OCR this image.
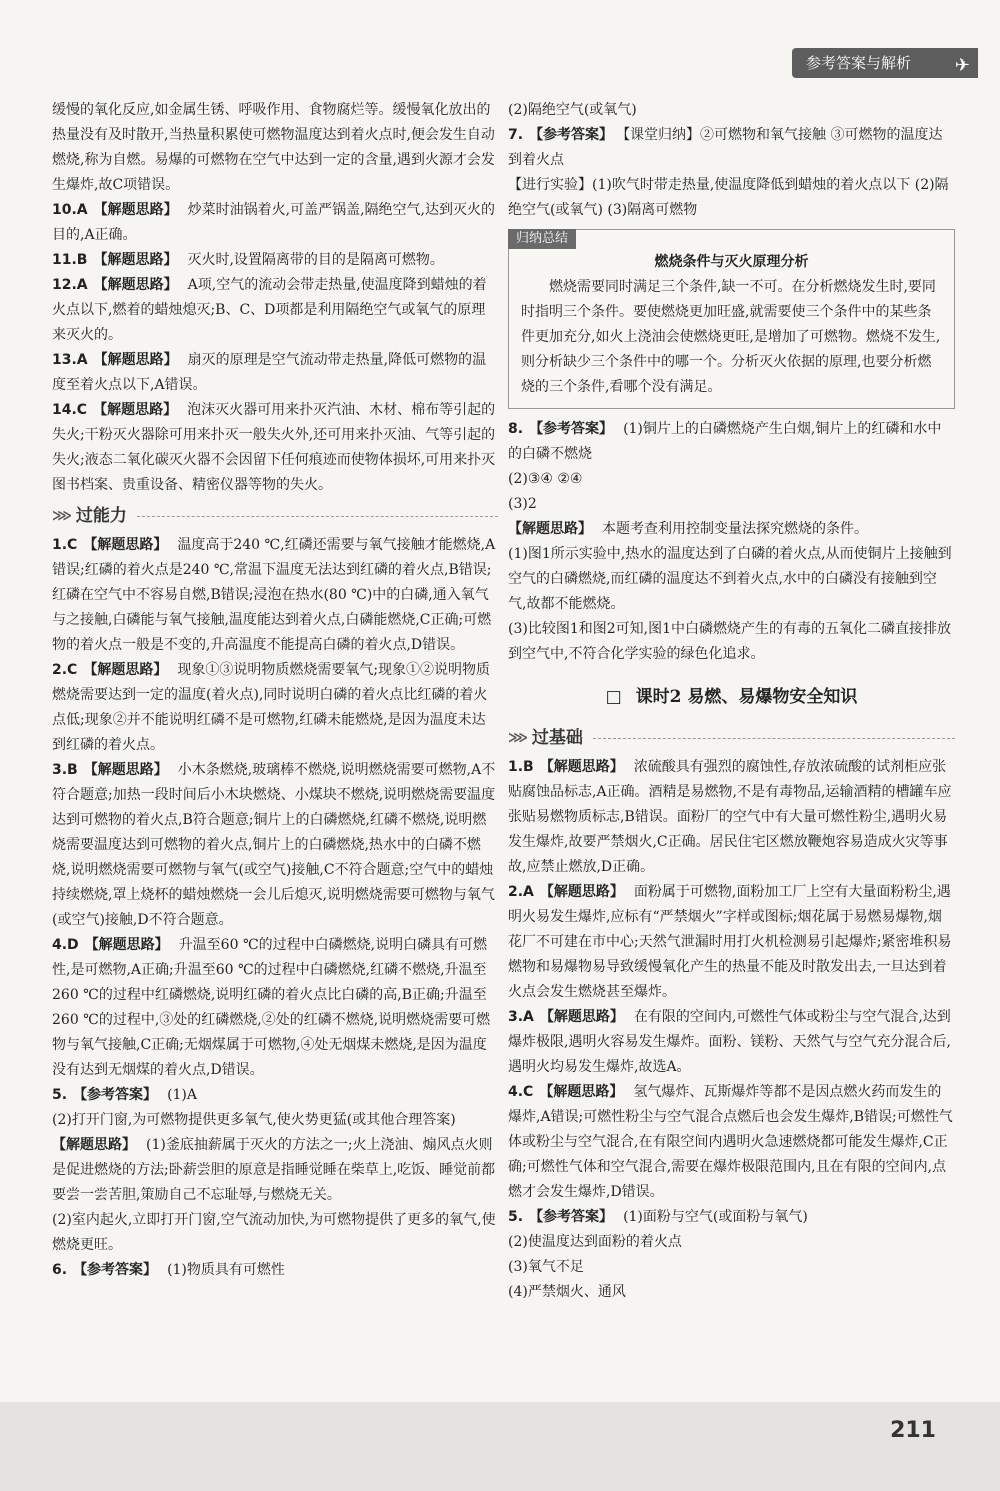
参考答案与解析 ✈

缓慢的氧化反应,如金属生锈、呼吸作用、食物腐烂等。缓慢氧化放出的热量没有及时散开,当热量积累使可燃物温度达到着火点时,便会发生自动燃烧,称为自燃。易爆的可燃物在空气中达到一定的含量,遇到火源才会发生爆炸,故C项错误。

10.A 【解题思路】 炒菜时油锅着火,可盖严锅盖,隔绝空气,达到灭火的目的,A正确。

11.B 【解题思路】 灭火时,设置隔离带的目的是隔离可燃物。

12.A 【解题思路】 A项,空气的流动会带走热量,使温度降到蜡烛的着火点以下,燃着的蜡烛熄灭;B、C、D项都是利用隔绝空气或氧气的原理来灭火的。

13.A 【解题思路】 扇灭的原理是空气流动带走热量,降低可燃物的温度至着火点以下,A错误。

14.C 【解题思路】 泡沫灭火器可用来扑灭汽油、木材、棉布等引起的失火;干粉灭火器除可用来扑灭一般失火外,还可用来扑灭油、气等引起的失火;液态二氧化碳灭火器不会因留下任何痕迹而使物体损坏,可用来扑灭图书档案、贵重设备、精密仪器等物的失火。

⋙ 过能力

1.C 【解题思路】 温度高于240 ℃,红磷还需要与氧气接触才能燃烧,A错误;红磷的着火点是240 ℃,常温下温度无法达到红磷的着火点,B错误;红磷在空气中不容易自燃,B错误;浸泡在热水(80 ℃)中的白磷,通入氧气与之接触,白磷能与氧气接触,温度能达到着火点,白磷能燃烧,C正确;可燃物的着火点一般是不变的,升高温度不能提高白磷的着火点,D错误。

2.C 【解题思路】 现象①③说明物质燃烧需要氧气;现象①②说明物质燃烧需要达到一定的温度(着火点),同时说明白磷的着火点比红磷的着火点低;现象②并不能说明红磷不是可燃物,红磷未能燃烧,是因为温度未达到红磷的着火点。

3.B 【解题思路】 小木条燃烧,玻璃棒不燃烧,说明燃烧需要可燃物,A不符合题意;加热一段时间后小木块燃烧、小煤块不燃烧,说明燃烧需要温度达到可燃物的着火点,B符合题意;铜片上的白磷燃烧,红磷不燃烧,说明燃烧需要温度达到可燃物的着火点,铜片上的白磷燃烧,热水中的白磷不燃烧,说明燃烧需要可燃物与氧气(或空气)接触,C不符合题意;空气中的蜡烛持续燃烧,罩上烧杯的蜡烛燃烧一会儿后熄灭,说明燃烧需要可燃物与氧气(或空气)接触,D不符合题意。

4.D 【解题思路】 升温至60 ℃的过程中白磷燃烧,说明白磷具有可燃性,是可燃物,A正确;升温至60 ℃的过程中白磷燃烧,红磷不燃烧,升温至260 ℃的过程中红磷燃烧,说明红磷的着火点比白磷的高,B正确;升温至260 ℃的过程中,③处的红磷燃烧,②处的红磷不燃烧,说明燃烧需要可燃物与氧气接触,C正确;无烟煤属于可燃物,④处无烟煤未燃烧,是因为温度没有达到无烟煤的着火点,D错误。

5. 【参考答案】 (1)A

(2)打开门窗,为可燃物提供更多氧气,使火势更猛(或其他合理答案)

【解题思路】 (1)釜底抽薪属于灭火的方法之一;火上浇油、煽风点火则是促进燃烧的方法;卧薪尝胆的原意是指睡觉睡在柴草上,吃饭、睡觉前都要尝一尝苦胆,策励自己不忘耻辱,与燃烧无关。

(2)室内起火,立即打开门窗,空气流动加快,为可燃物提供了更多的氧气,使燃烧更旺。

6. 【参考答案】 (1)物质具有可燃性

(2)隔绝空气(或氧气)

7. 【参考答案】 【课堂归纳】②可燃物和氧气接触 ③可燃物的温度达到着火点

【进行实验】(1)吹气时带走热量,使温度降低到蜡烛的着火点以下 (2)隔绝空气(或氧气) (3)隔离可燃物

归纳总结

燃烧条件与灭火原理分析

燃烧需要同时满足三个条件,缺一不可。在分析燃烧发生时,要同时指明三个条件。要使燃烧更加旺盛,就需要使三个条件中的某些条件更加充分,如火上浇油会使燃烧更旺,是增加了可燃物。燃烧不发生,则分析缺少三个条件中的哪一个。分析灭火依据的原理,也要分析燃烧的三个条件,看哪个没有满足。

8. 【参考答案】 (1)铜片上的白磷燃烧产生白烟,铜片上的红磷和水中的白磷不燃烧

(2)③④ ②④

(3)2

【解题思路】 本题考查利用控制变量法探究燃烧的条件。

(1)图1所示实验中,热水的温度达到了白磷的着火点,从而使铜片上接触到空气的白磷燃烧,而红磷的温度达不到着火点,水中的白磷没有接触到空气,故都不能燃烧。

(3)比较图1和图2可知,图1中白磷燃烧产生的有毒的五氧化二磷直接排放到空气中,不符合化学实验的绿色化追求。

□ 课时2 易燃、易爆物安全知识
⋙ 过基础

1.B 【解题思路】 浓硫酸具有强烈的腐蚀性,存放浓硫酸的试剂柜应张贴腐蚀品标志,A正确。酒精是易燃物,不是有毒物品,运输酒精的槽罐车应张贴易燃物质标志,B错误。面粉厂的空气中有大量可燃性粉尘,遇明火易发生爆炸,故要严禁烟火,C正确。居民住宅区燃放鞭炮容易造成火灾等事故,应禁止燃放,D正确。

2.A 【解题思路】 面粉属于可燃物,面粉加工厂上空有大量面粉粉尘,遇明火易发生爆炸,应标有“严禁烟火”字样或图标;烟花属于易燃易爆物,烟花厂不可建在市中心;天然气泄漏时用打火机检测易引起爆炸;紧密堆积易燃物和易爆物易导致缓慢氧化产生的热量不能及时散发出去,一旦达到着火点会发生燃烧甚至爆炸。

3.A 【解题思路】 在有限的空间内,可燃性气体或粉尘与空气混合,达到爆炸极限,遇明火容易发生爆炸。面粉、镁粉、天然气与空气充分混合后,遇明火均易发生爆炸,故选A。

4.C 【解题思路】 氢气爆炸、瓦斯爆炸等都不是因点燃火药而发生的爆炸,A错误;可燃性粉尘与空气混合点燃后也会发生爆炸,B错误;可燃性气体或粉尘与空气混合,在有限空间内遇明火急速燃烧都可能发生爆炸,C正确;可燃性气体和空气混合,需要在爆炸极限范围内,且在有限的空间内,点燃才会发生爆炸,D错误。

5. 【参考答案】 (1)面粉与空气(或面粉与氧气)

(2)使温度达到面粉的着火点

(3)氧气不足

(4)严禁烟火、通风

211
